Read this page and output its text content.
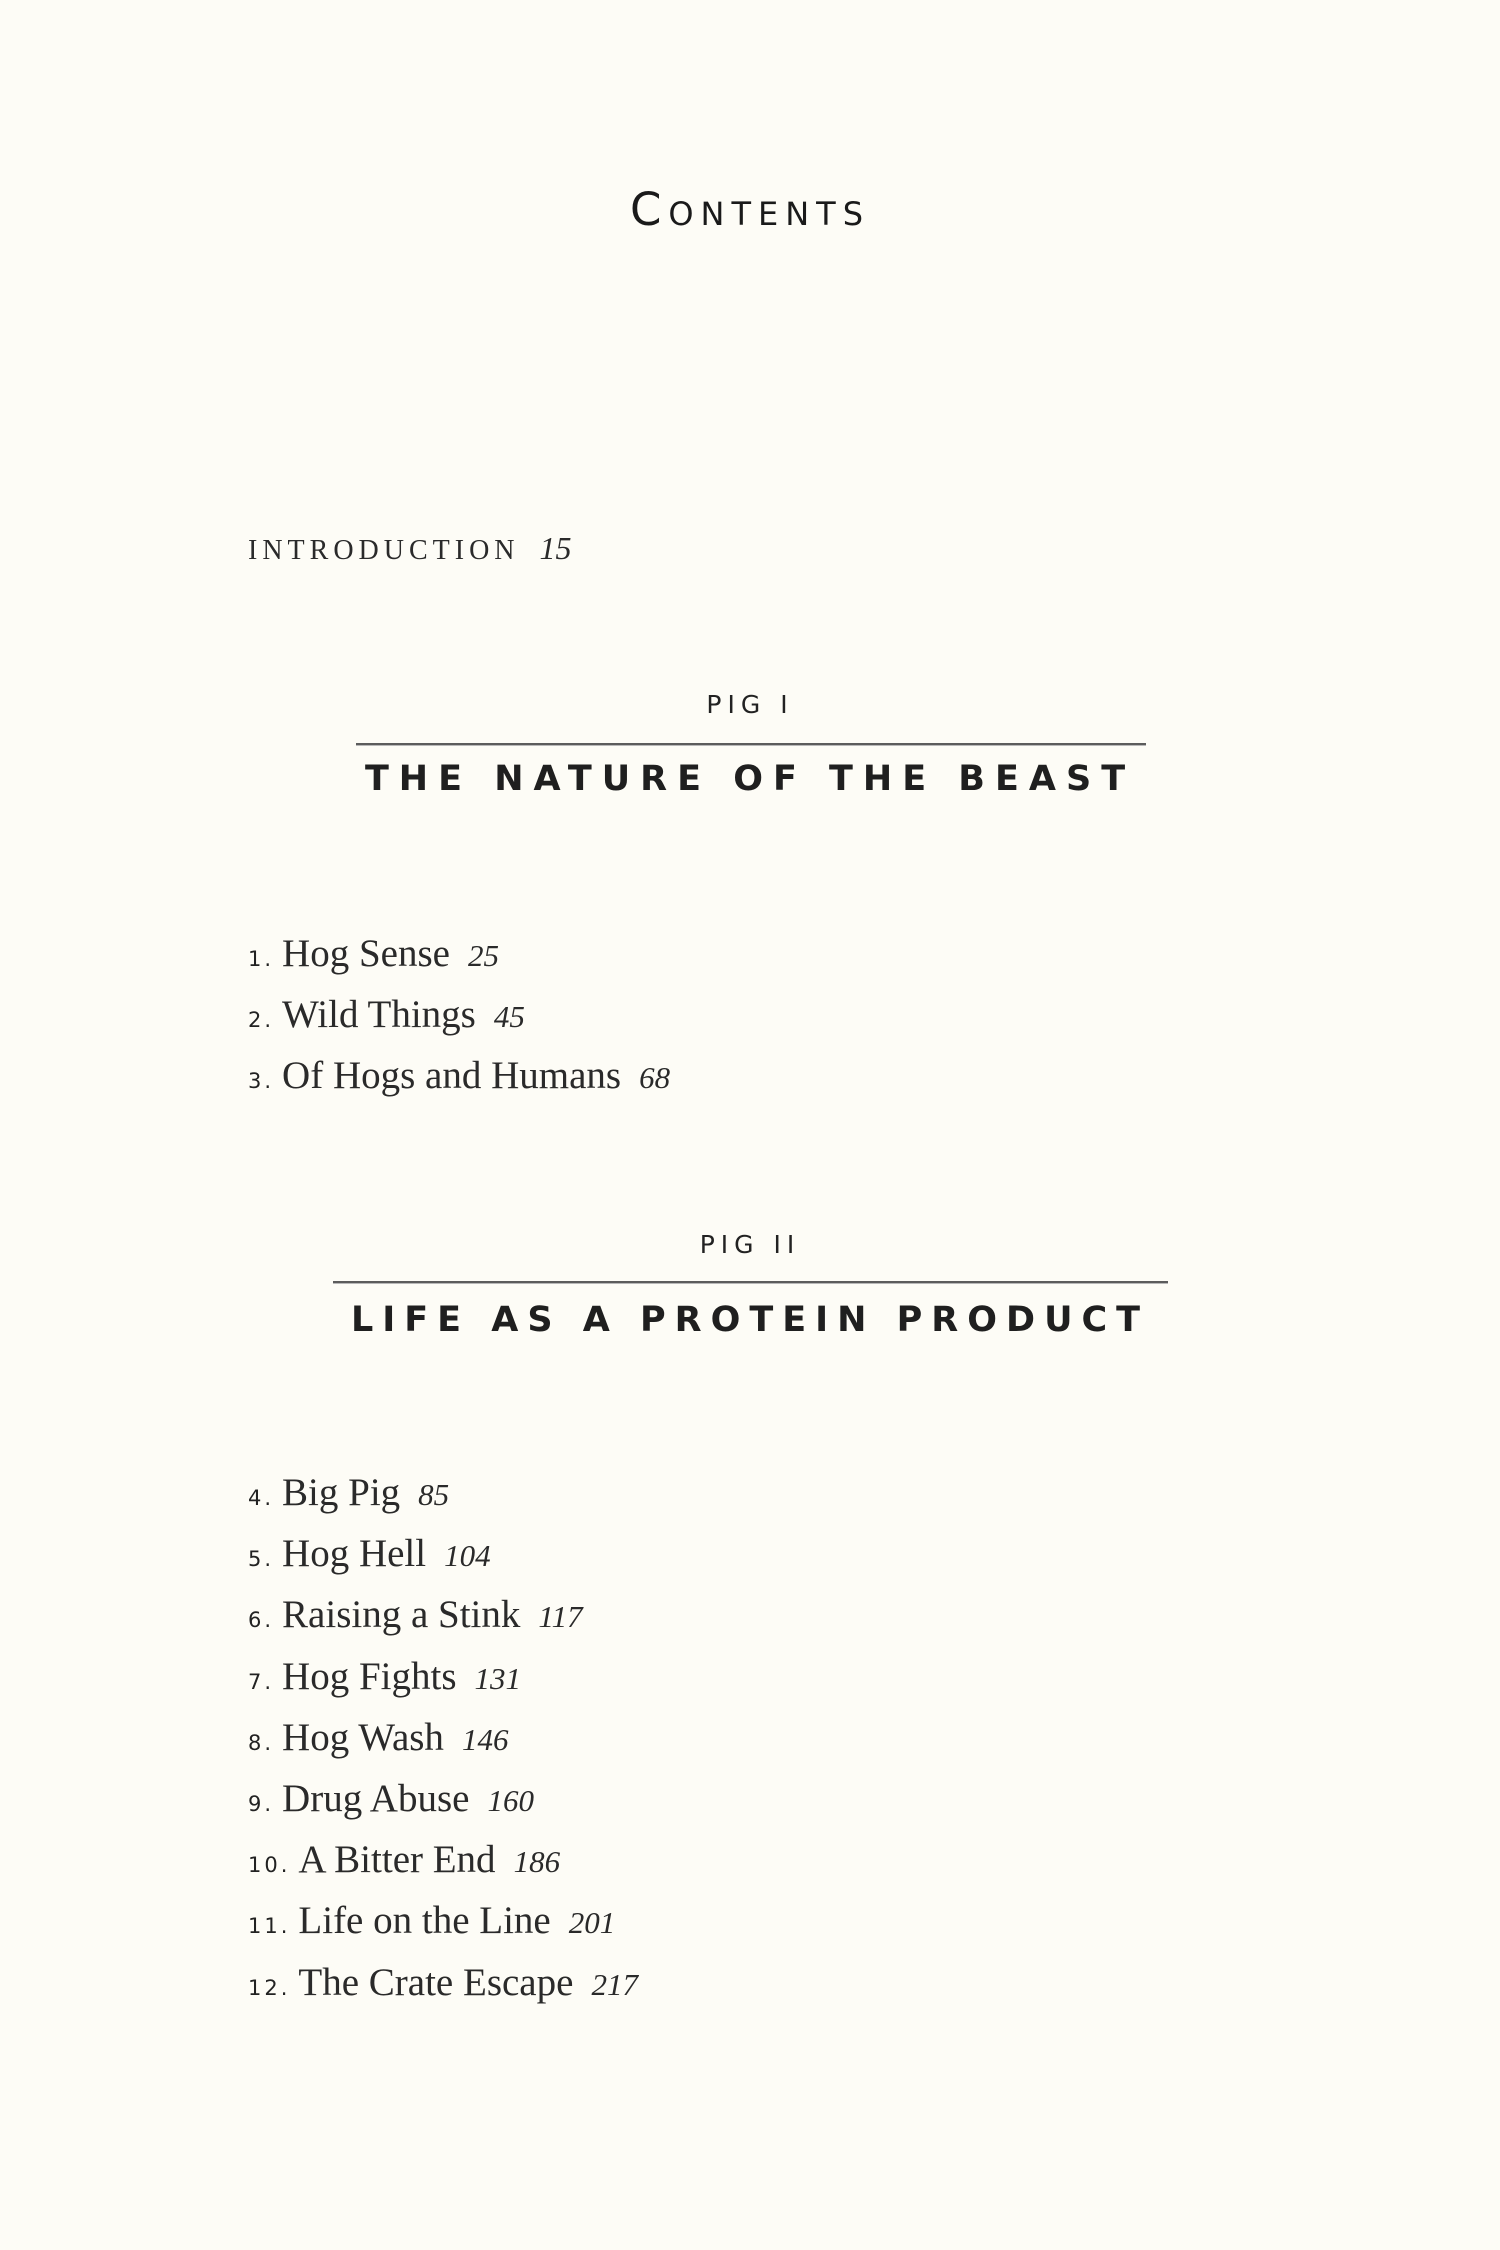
Contents
INTRODUCTION 15
PIG I
THE NATURE OF THE BEAST
1. Hog Sense 25
2. Wild Things 45
3. Of Hogs and Humans 68
PIG II
LIFE AS A PROTEIN PRODUCT
4. Big Pig 85
5. Hog Hell 104
6. Raising a Stink 117
7. Hog Fights 131
8. Hog Wash 146
9. Drug Abuse 160
10. A Bitter End 186
11. Life on the Line 201
12. The Crate Escape 217
